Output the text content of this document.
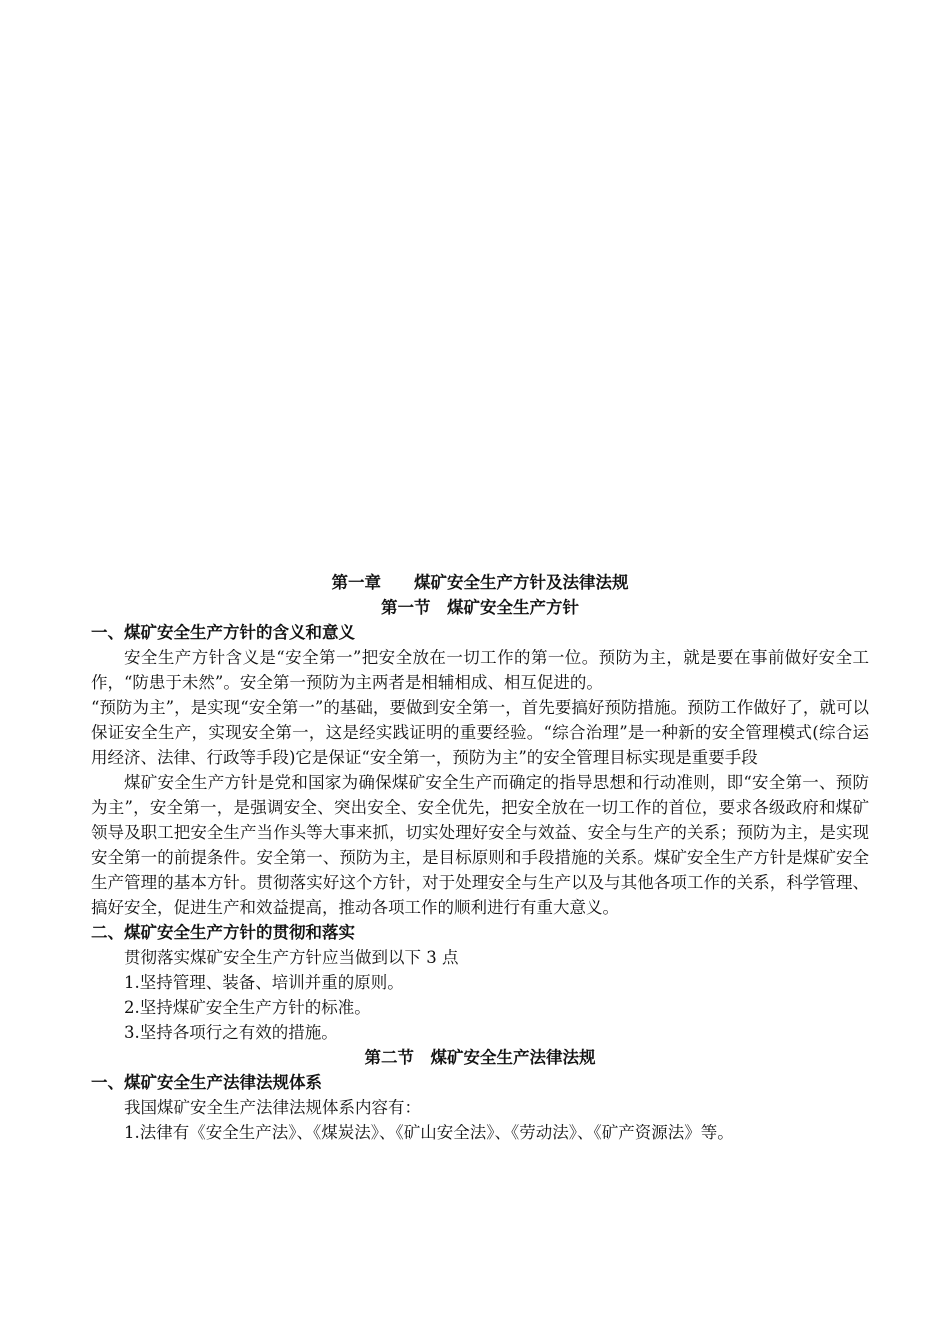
第一章　　煤矿安全生产方针及法律法规

第一节　煤矿安全生产方针

一、煤矿安全生产方针的含义和意义

安全生产方针含义是“安全第一”把安全放在一切工作的第一位。预防为主，就是要在事前做好安全工作，“防患于未然”。安全第一预防为主两者是相辅相成、相互促进的。

“预防为主”，是实现“安全第一”的基础，要做到安全第一，首先要搞好预防措施。预防工作做好了，就可以保证安全生产，实现安全第一，这是经实践证明的重要经验。“综合治理”是一种新的安全管理模式(综合运用经济、法律、行政等手段)它是保证“安全第一，预防为主”的安全管理目标实现是重要手段

煤矿安全生产方针是党和国家为确保煤矿安全生产而确定的指导思想和行动准则，即“安全第一、预防为主”，安全第一，是强调安全、突出安全、安全优先，把安全放在一切工作的首位，要求各级政府和煤矿领导及职工把安全生产当作头等大事来抓，切实处理好安全与效益、安全与生产的关系；预防为主，是实现安全第一的前提条件。安全第一、预防为主，是目标原则和手段措施的关系。煤矿安全生产方针是煤矿安全生产管理的基本方针。贯彻落实好这个方针，对于处理安全与生产以及与其他各项工作的关系，科学管理、搞好安全，促进生产和效益提高，推动各项工作的顺利进行有重大意义。

二、煤矿安全生产方针的贯彻和落实

贯彻落实煤矿安全生产方针应当做到以下 3 点

1.坚持管理、装备、培训并重的原则。

2.坚持煤矿安全生产方针的标准。

3.坚持各项行之有效的措施。

第二节　煤矿安全生产法律法规

一、煤矿安全生产法律法规体系

我国煤矿安全生产法律法规体系内容有：

1.法律有《安全生产法》、《煤炭法》、《矿山安全法》、《劳动法》、《矿产资源法》等。
